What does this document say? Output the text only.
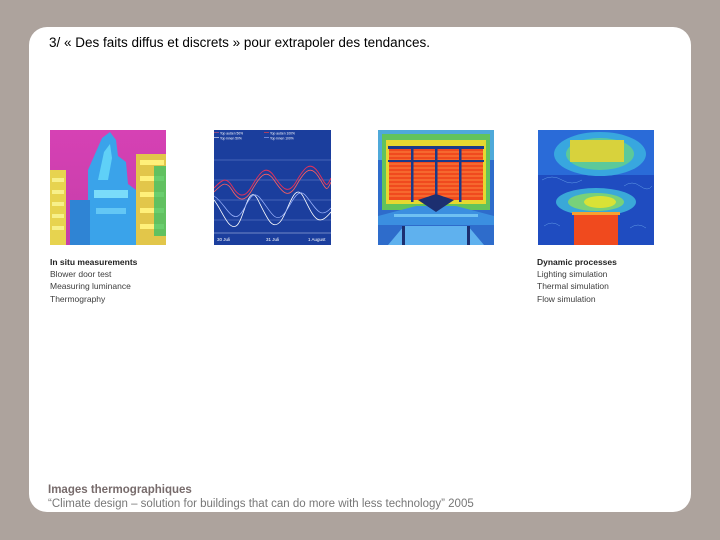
3/ « Des faits diffus et discrets » pour extrapoler des tendances.
Top außen 50%	Top außen 100%
Top innen 50%	Top innen 100%
30 Juli	31 Juli	1 August
In situ measurements
Blower door test
Measuring luminance
Thermography
Dynamic processes
Lighting simulation
Thermal simulation
Flow simulation
Images thermographiques
“Climate design – solution for buildings that can do more with less technology” 2005
